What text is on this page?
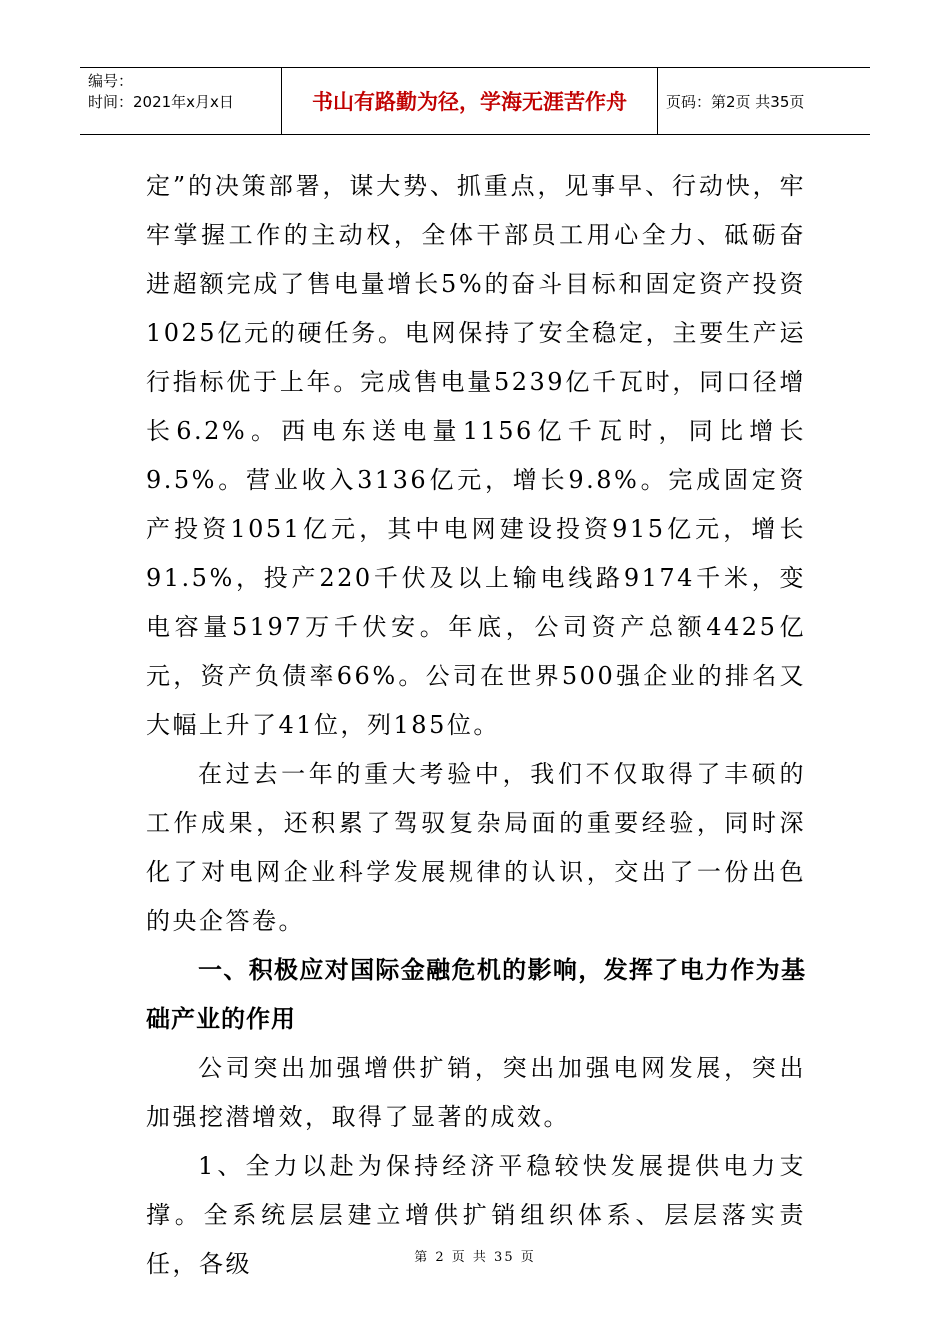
编号：
时间：2021年x月x日	书山有路勤为径，学海无涯苦作舟	页码：第2页 共35页

定”的决策部署，谋大势、抓重点，见事早、行动快，牢牢掌握工作的主动权，全体干部员工用心全力、砥砺奋进超额完成了售电量增长5%的奋斗目标和固定资产投资1025亿元的硬任务。电网保持了安全稳定，主要生产运行指标优于上年。完成售电量5239亿千瓦时，同口径增长6.2%。西电东送电量1156亿千瓦时，同比增长9.5%。营业收入3136亿元，增长9.8%。完成固定资产投资1051亿元，其中电网建设投资915亿元，增长91.5%，投产220千伏及以上输电线路9174千米，变电容量5197万千伏安。年底，公司资产总额4425亿元，资产负债率66%。公司在世界500强企业的排名又大幅上升了41位，列185位。

在过去一年的重大考验中，我们不仅取得了丰硕的工作成果，还积累了驾驭复杂局面的重要经验，同时深化了对电网企业科学发展规律的认识，交出了一份出色的央企答卷。

一、积极应对国际金融危机的影响，发挥了电力作为基础产业的作用

公司突出加强增供扩销，突出加强电网发展，突出加强挖潜增效，取得了显著的成效。

1、全力以赴为保持经济平稳较快发展提供电力支撑。全系统层层建立增供扩销组织体系、层层落实责任，各级	第 2 页 共 35 页
